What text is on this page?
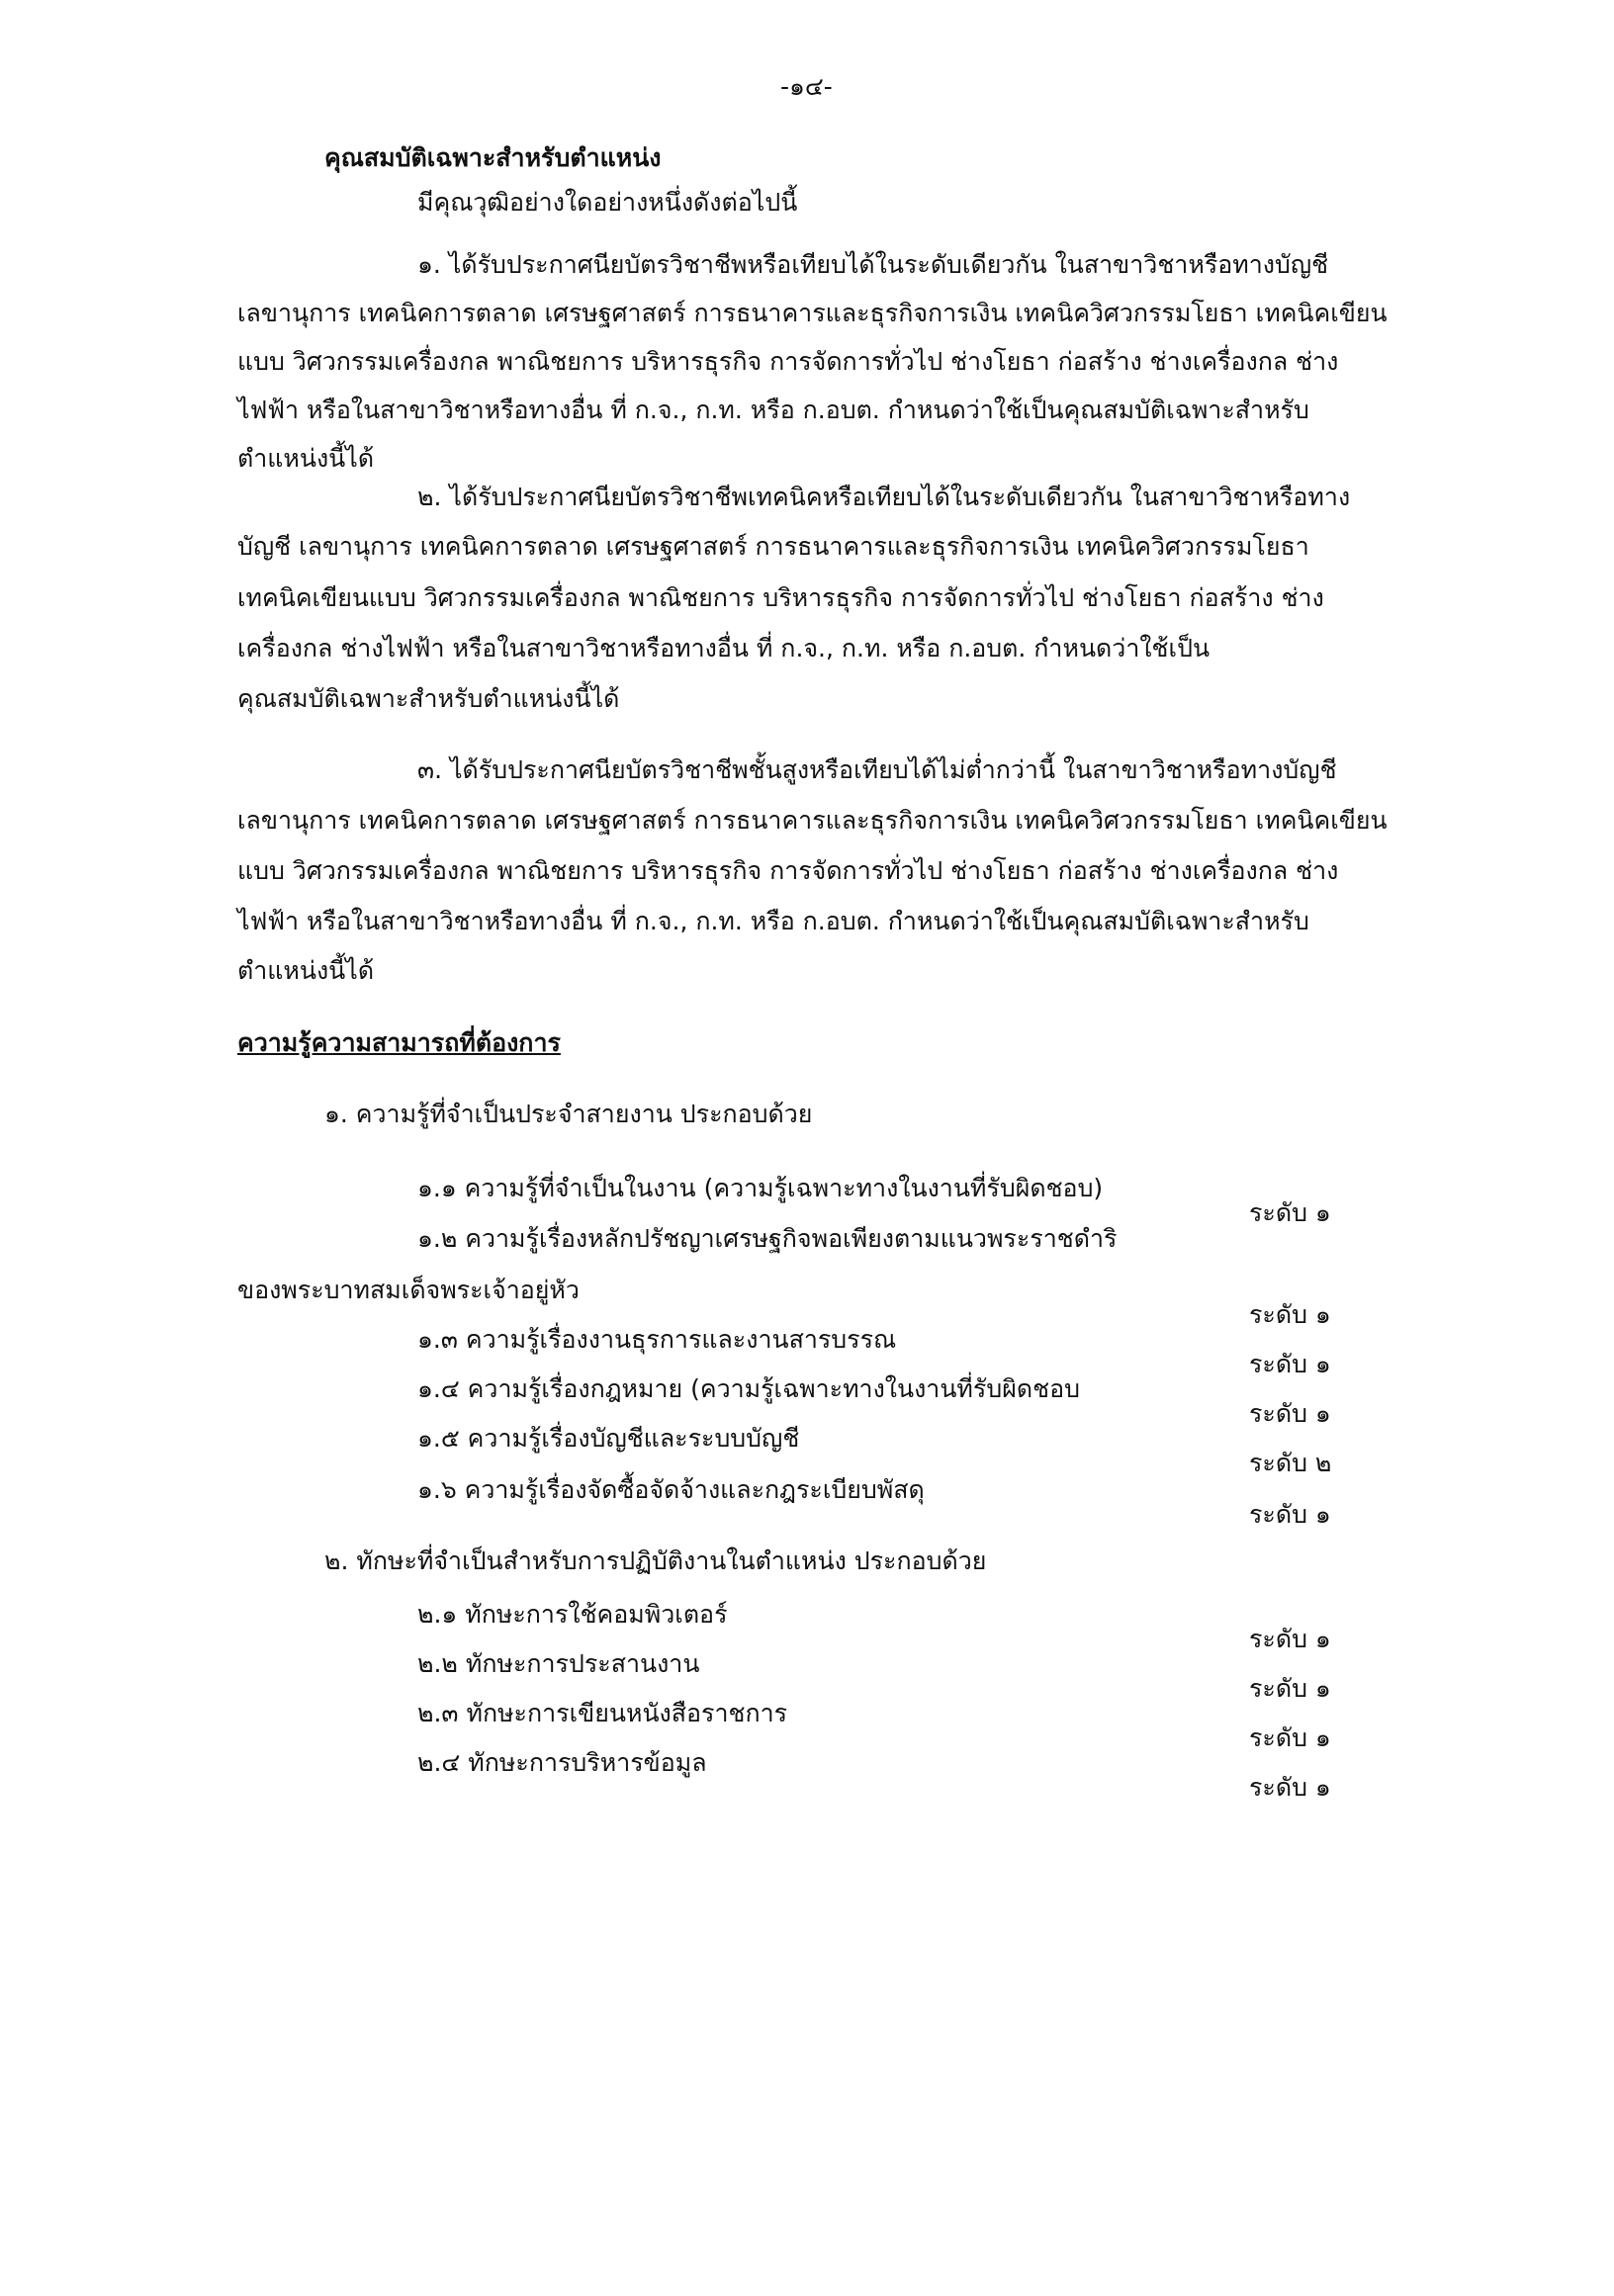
-๑๔-

คุณสมบัติเฉพาะสำหรับตำแหน่ง

มีคุณวุฒิอย่างใดอย่างหนึ่งดังต่อไปนี้

๑. ได้รับประกาศนียบัตรวิชาชีพหรือเทียบได้ในระดับเดียวกัน ในสาขาวิชาหรือทางบัญชี

เลขานุการ เทคนิคการตลาด เศรษฐศาสตร์ การธนาคารและธุรกิจการเงิน เทคนิควิศวกรรมโยธา เทคนิคเขียน

แบบ วิศวกรรมเครื่องกล พาณิชยการ บริหารธุรกิจ การจัดการทั่วไป ช่างโยธา ก่อสร้าง ช่างเครื่องกล ช่าง

ไฟฟ้า หรือในสาขาวิชาหรือทางอื่น ที่ ก.จ., ก.ท. หรือ ก.อบต. กำหนดว่าใช้เป็นคุณสมบัติเฉพาะสำหรับ

ตำแหน่งนี้ได้

๒. ได้รับประกาศนียบัตรวิชาชีพเทคนิคหรือเทียบได้ในระดับเดียวกัน ในสาขาวิชาหรือทาง

บัญชี เลขานุการ เทคนิคการตลาด เศรษฐศาสตร์ การธนาคารและธุรกิจการเงิน เทคนิควิศวกรรมโยธา

เทคนิคเขียนแบบ วิศวกรรมเครื่องกล พาณิชยการ บริหารธุรกิจ การจัดการทั่วไป ช่างโยธา ก่อสร้าง ช่าง

เครื่องกล ช่างไฟฟ้า หรือในสาขาวิชาหรือทางอื่น ที่ ก.จ., ก.ท. หรือ ก.อบต. กำหนดว่าใช้เป็น

คุณสมบัติเฉพาะสำหรับตำแหน่งนี้ได้

๓. ได้รับประกาศนียบัตรวิชาชีพชั้นสูงหรือเทียบได้ไม่ต่ำกว่านี้ ในสาขาวิชาหรือทางบัญชี

เลขานุการ เทคนิคการตลาด เศรษฐศาสตร์ การธนาคารและธุรกิจการเงิน เทคนิควิศวกรรมโยธา เทคนิคเขียน

แบบ วิศวกรรมเครื่องกล พาณิชยการ บริหารธุรกิจ การจัดการทั่วไป ช่างโยธา ก่อสร้าง ช่างเครื่องกล ช่าง

ไฟฟ้า หรือในสาขาวิชาหรือทางอื่น ที่ ก.จ., ก.ท. หรือ ก.อบต. กำหนดว่าใช้เป็นคุณสมบัติเฉพาะสำหรับ

ตำแหน่งนี้ได้

ความรู้ความสามารถที่ต้องการ

๑. ความรู้ที่จำเป็นประจำสายงาน ประกอบด้วย

๑.๑ ความรู้ที่จำเป็นในงาน (ความรู้เฉพาะทางในงานที่รับผิดชอบ)

ระดับ ๑

๑.๒ ความรู้เรื่องหลักปรัชญาเศรษฐกิจพอเพียงตามแนวพระราชดำริ

ของพระบาทสมเด็จพระเจ้าอยู่หัว

ระดับ ๑

๑.๓ ความรู้เรื่องงานธุรการและงานสารบรรณ

ระดับ ๑

๑.๔ ความรู้เรื่องกฎหมาย (ความรู้เฉพาะทางในงานที่รับผิดชอบ

ระดับ ๑

๑.๕ ความรู้เรื่องบัญชีและระบบบัญชี

ระดับ ๒

๑.๖ ความรู้เรื่องจัดซื้อจัดจ้างและกฎระเบียบพัสดุ

ระดับ ๑

๒. ทักษะที่จำเป็นสำหรับการปฏิบัติงานในตำแหน่ง ประกอบด้วย

๒.๑ ทักษะการใช้คอมพิวเตอร์

ระดับ ๑

๒.๒ ทักษะการประสานงาน

ระดับ ๑

๒.๓ ทักษะการเขียนหนังสือราชการ

ระดับ ๑

๒.๔ ทักษะการบริหารข้อมูล

ระดับ ๑
